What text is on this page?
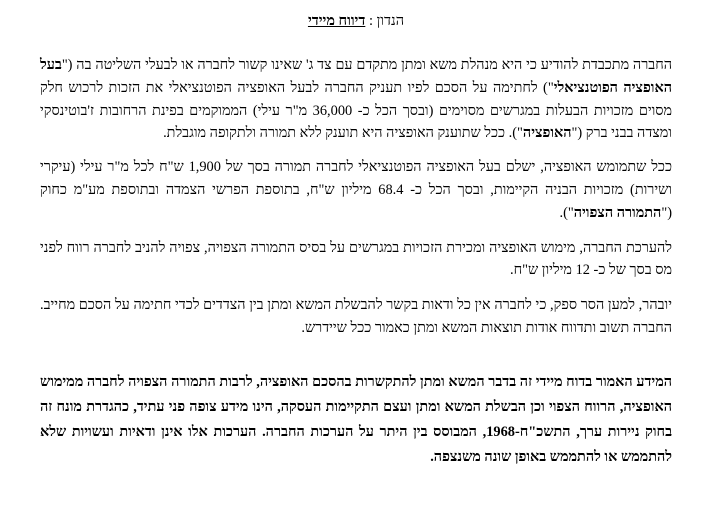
הנדון : דיווח מיידי

החברה מתכבדת להודיע כי היא מנהלת משא ומתן מתקדם עם צד ג' שאינו קשור לחברה או לבעלי השליטה בה ("בעל האופציה הפוטנציאלי") לחתימה על הסכם לפיו תעניק החברה לבעל האופציה הפוטנציאלי את הזכות לרכוש חלק מסוים מזכויות הבעלות במגרשים מסוימים (ובסך הכל כ- 36,000 מ"ר עילי) הממוקמים בפינת הרחובות ז'בוטינסקי ומצדה בבני ברק ("האופציה"). ככל שתוענק האופציה היא תוענק ללא תמורה ולתקופה מוגבלת.

ככל שתמומש האופציה, ישלם בעל האופציה הפוטנציאלי לחברה תמורה בסך של 1,900 ש"ח לכל מ"ר עילי (עיקרי ושירות) מזכויות הבניה הקיימות, ובסך הכל כ- 68.4 מיליון ש"ח, בתוספת הפרשי הצמדה ובתוספת מע"מ כחוק ("התמורה הצפויה").

להערכת החברה, מימוש האופציה ומכירת הזכויות במגרשים על בסיס התמורה הצפויה, צפויה להניב לחברה רווח לפני מס בסך של כ- 12 מיליון ש"ח.

יובהר, למען הסר ספק, כי לחברה אין כל ודאות בקשר להבשלת המשא ומתן בין הצדדים לכדי חתימה על הסכם מחייב. החברה תשוב ותדווח אודות תוצאות המשא ומתן כאמור ככל שיידרש.

המידע האמור בדוח מיידי זה בדבר המשא ומתן להתקשרות בהסכם האופציה, לרבות התמורה הצפויה לחברה ממימוש האופציה, הרווח הצפוי וכן הבשלת המשא ומתן ועצם התקיימות העסקה, הינו מידע צופה פני עתיד, כהגדרת מונח זה בחוק ניירות ערך, התשכ"ח-1968, המבוסס בין היתר על הערכות החברה. הערכות אלו אינן ודאיות ועשויות שלא להתממש או להתממש באופן שונה משנצפה.
